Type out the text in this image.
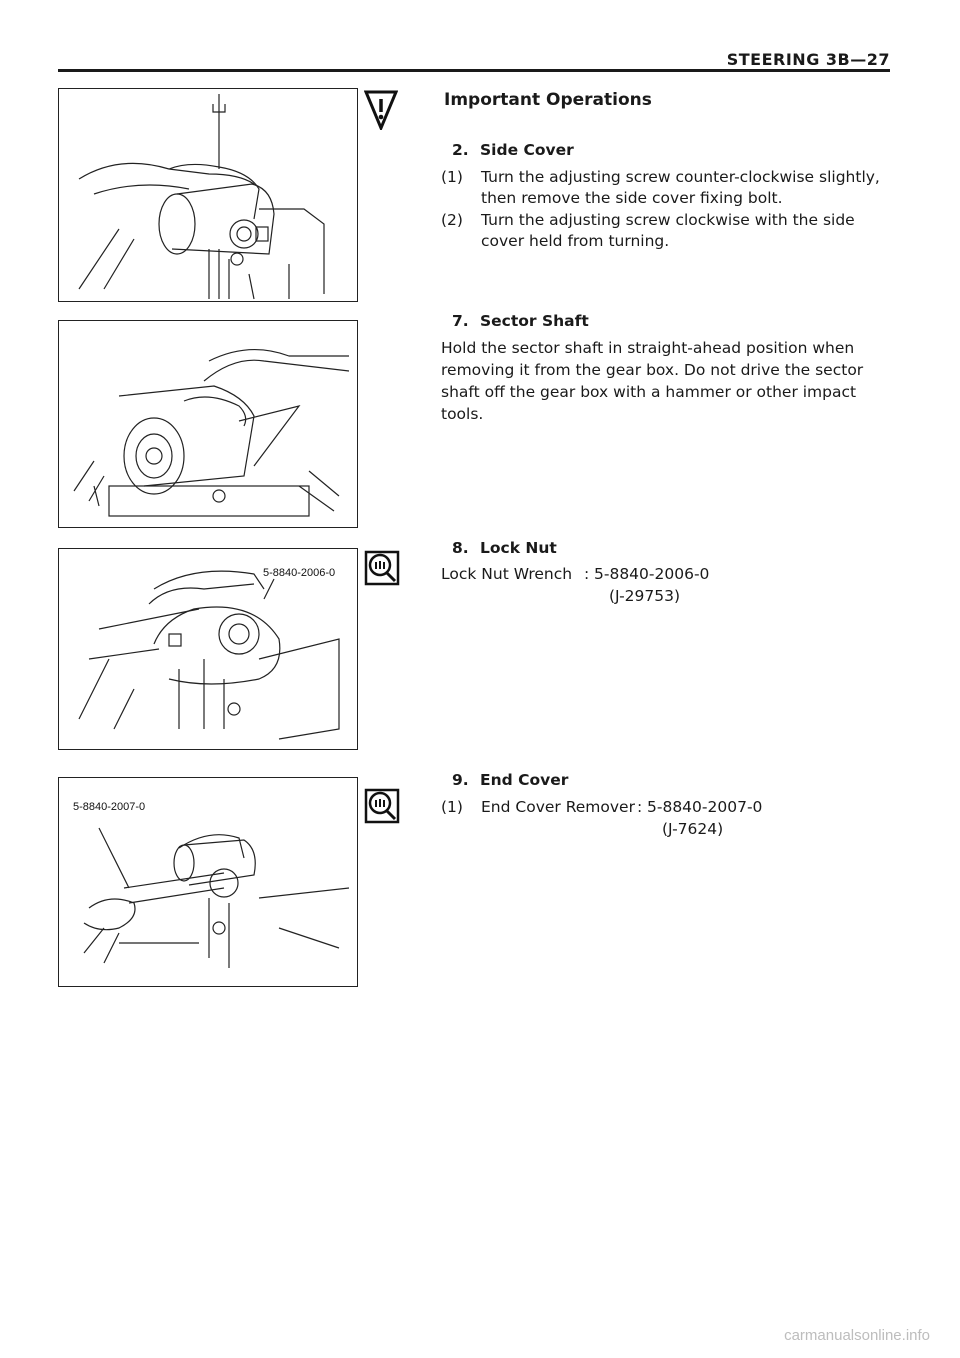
STEERING 3B—27
5-8840-2006-0
5-8840-2007-0
Important Operations
2. Side Cover
(1) Turn the adjusting screw counter-clockwise slightly,
then remove the side cover fixing bolt.
(2) Turn the adjusting screw clockwise with the side
cover held from turning.
7. Sector Shaft
Hold the sector shaft in straight-ahead position when
removing it from the gear box. Do not drive the sector
shaft off the gear box with a hammer or other impact
tools.
8. Lock Nut
Lock Nut Wrench : 5-8840-2006-0
(J-29753)
9. End Cover
(1) End Cover Remover : 5-8840-2007-0
(J-7624)
carmanualsonline.info
